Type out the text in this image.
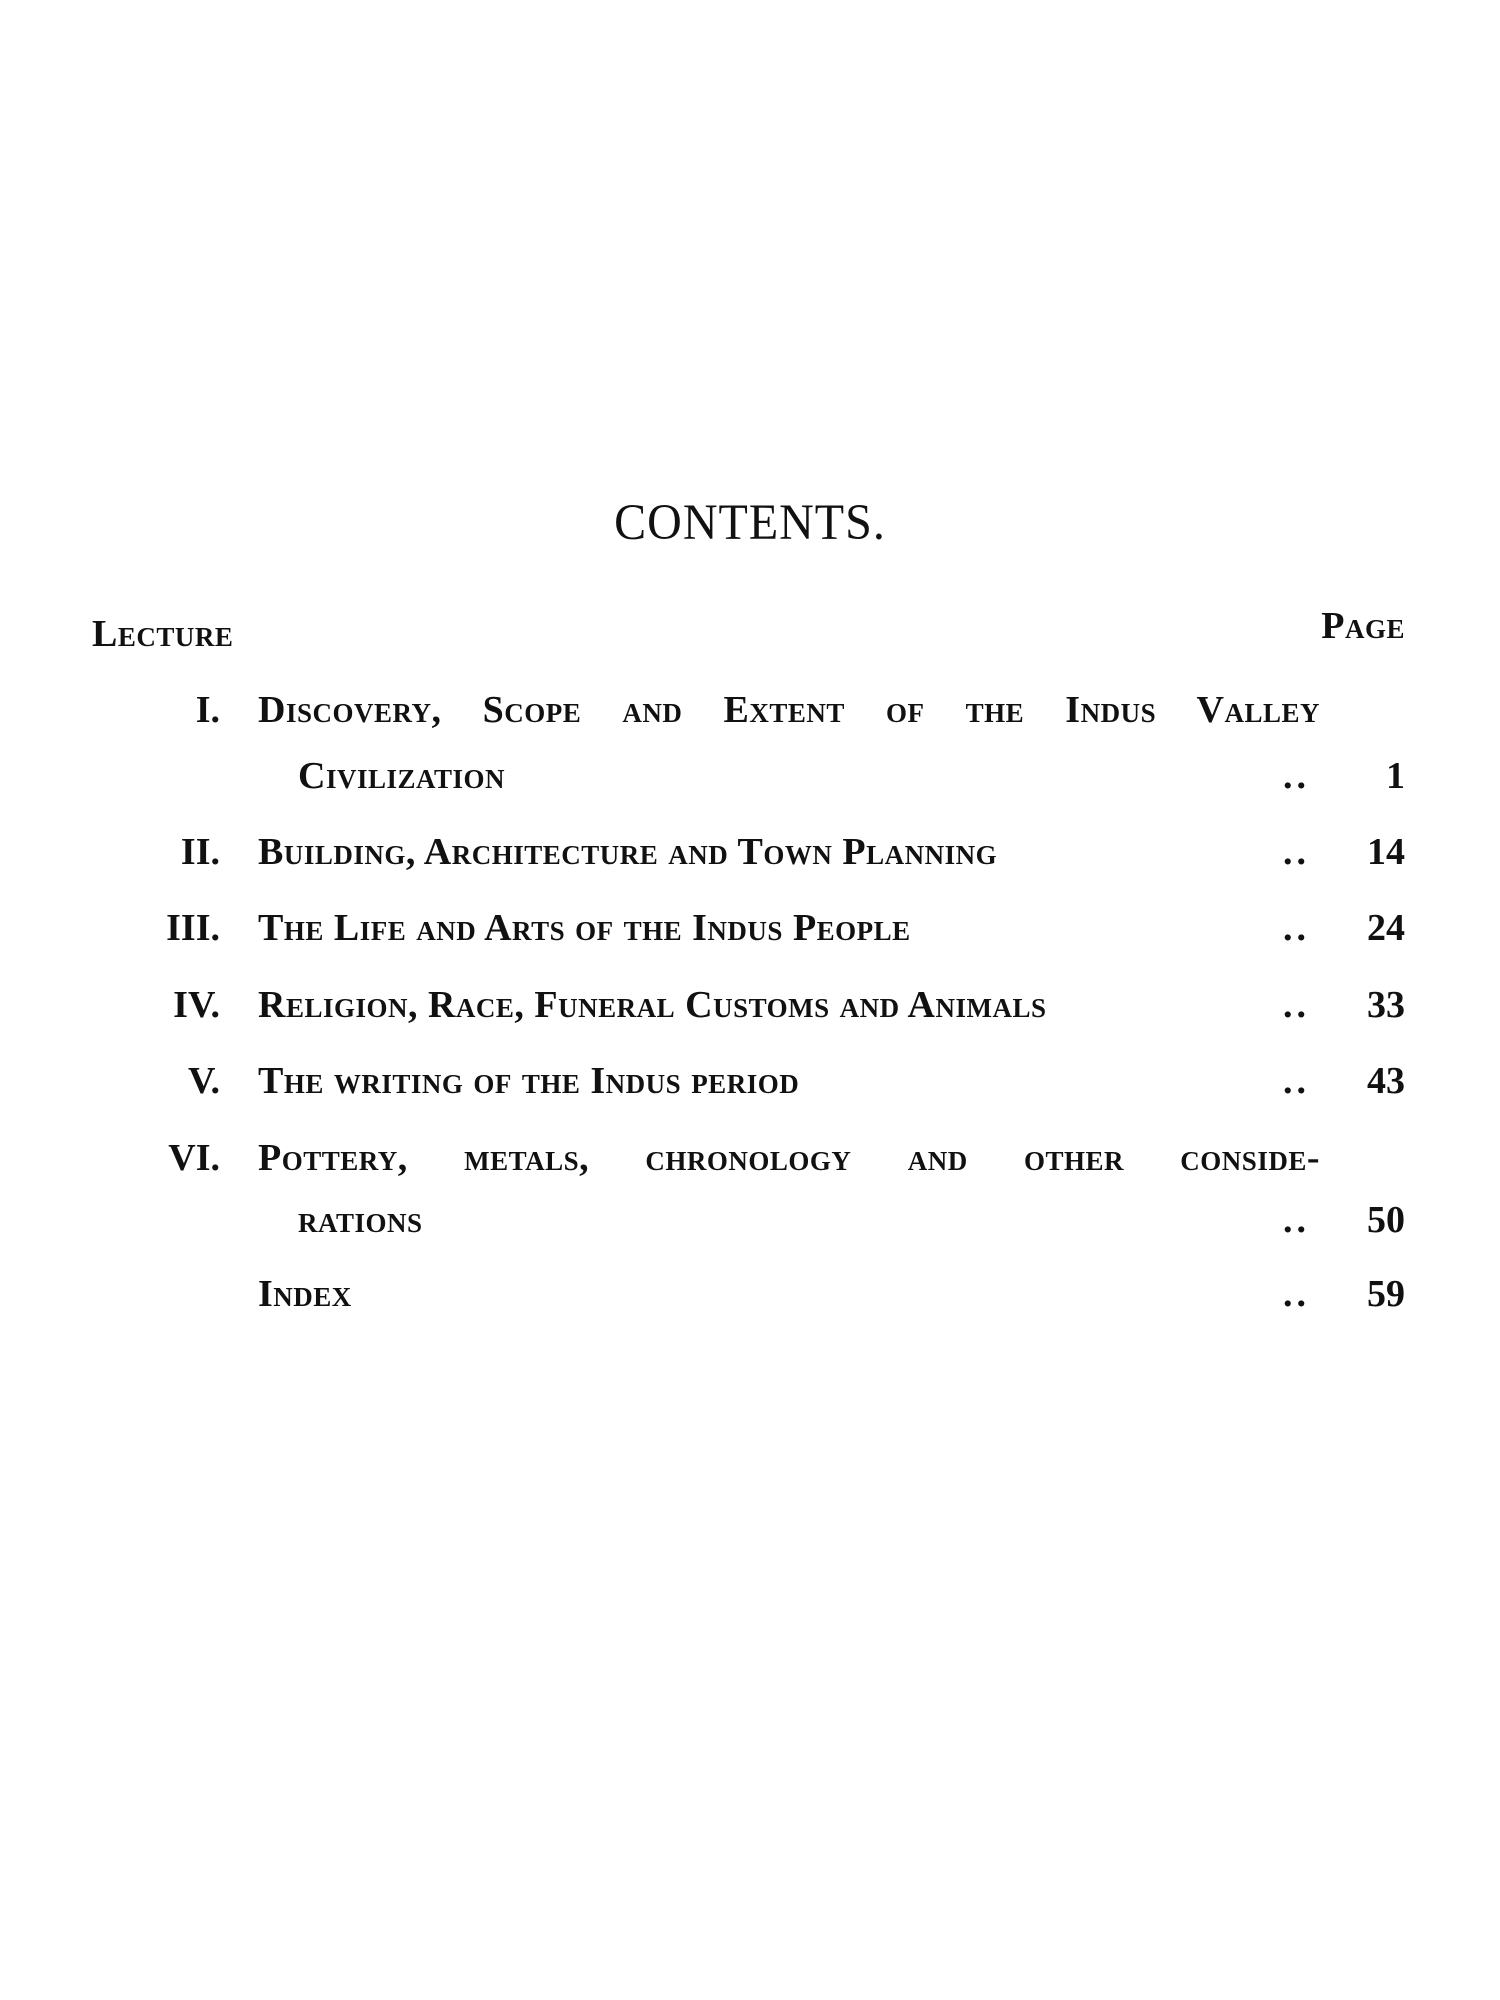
CONTENTS.
Lecture	Page
I. Discovery, Scope and Extent of the Indus Valley
Civilization	.. 1
II. Building, Architecture and Town Planning	.. 14
III. The Life and Arts of the Indus People	.. 24
IV. Religion, Race, Funeral Customs and Animals	.. 33
V. The writing of the Indus period	.. 43
VI. Pottery, metals, chronology and other conside-
rations	.. 50
Index	.. 59
